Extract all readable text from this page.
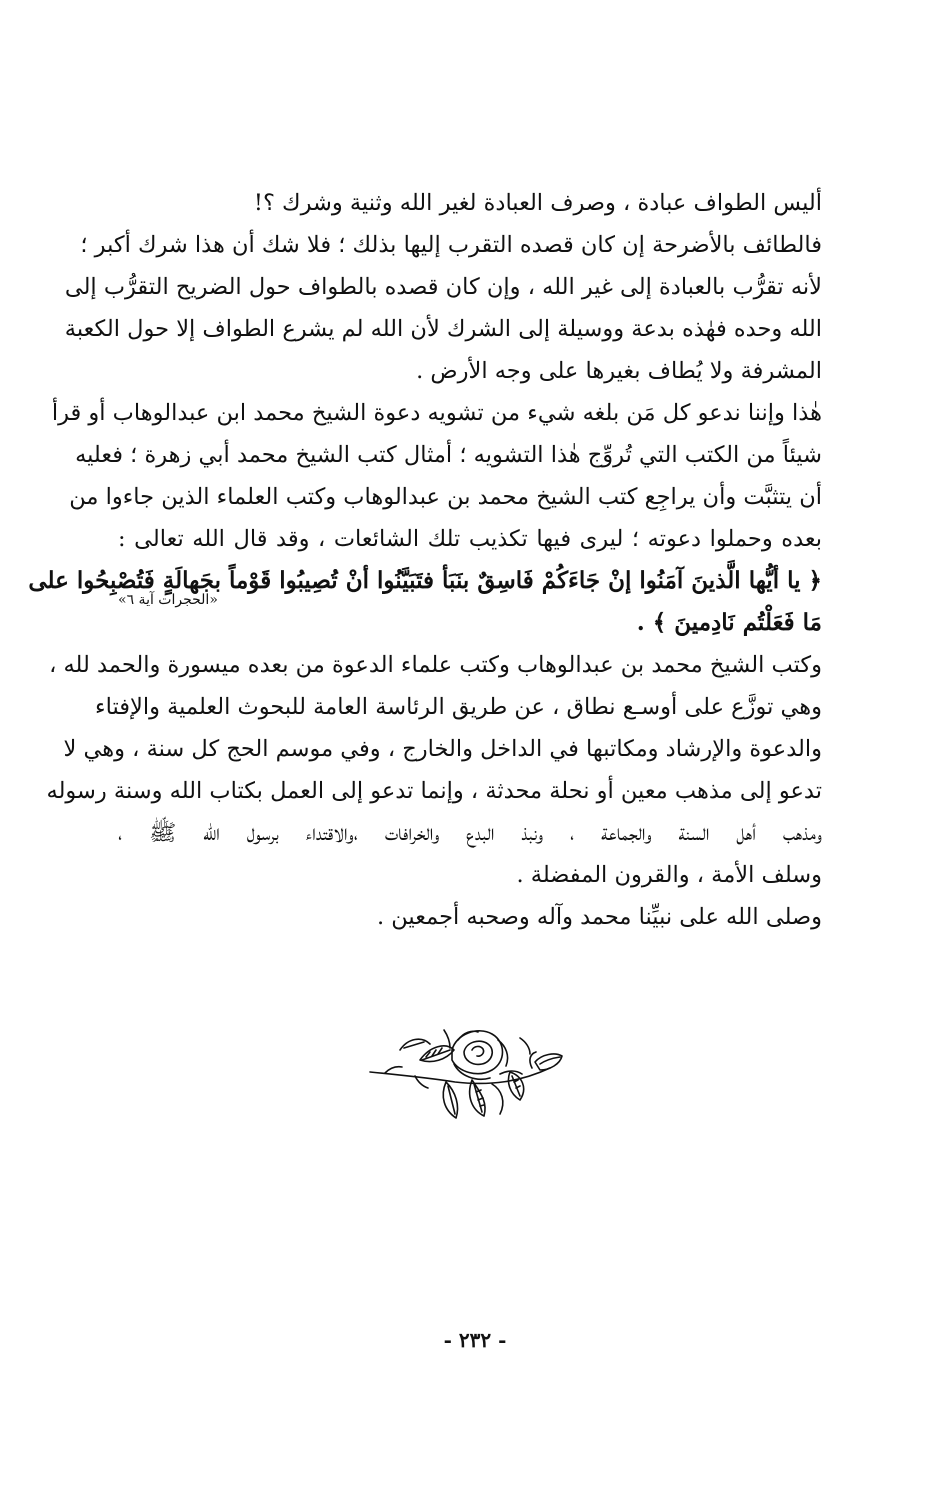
أليس الطواف عبادة ، وصرف العبادة لغير الله وثنية وشرك ؟!
فالطائف بالأضرحة إن كان قصده التقرب إليها بذلك ؛ فلا شك أن هذا شرك أكبر ؛
لأنه تقرُّب بالعبادة إلى غير الله ، وإن كان قصده بالطواف حول الضريح التقرُّب إلى
الله وحده فهٰذه بدعة ووسيلة إلى الشرك لأن الله لم يشرع الطواف إلا حول الكعبة
المشرفة ولا يُطاف بغيرها على وجه الأرض .
هٰذا وإننا ندعو كل مَن بلغه شيء من تشويه دعوة الشيخ محمد ابن عبدالوهاب أو قرأ
شيئاً من الكتب التي تُروِّج هٰذا التشويه ؛ أمثال كتب الشيخ محمد أبي زهرة ؛ فعليه
أن يتثبَّت وأن يراجِع كتب الشيخ محمد بن عبدالوهاب وكتب العلماء الذين جاءوا من
بعده وحملوا دعوته ؛ ليرى فيها تكذيب تلك الشائعات ، وقد قال الله تعالى :
﴿ يا أيُّها الَّذينَ آمَنُوا إنْ جَاءَكُمْ فَاسِقٌ بنَبَأ فتَبَيَّنُوا أنْ تُصِيبُوا قَوْماً بجَهالَةٍ فَتُصْبِحُوا على
مَا فَعَلْتُم نَادِمينَ ﴾ .
«الحجرات آية ٦»
وكتب الشيخ محمد بن عبدالوهاب وكتب علماء الدعوة من بعده ميسورة والحمد لله ،
وهي توزَّع على أوسـع نطاق ، عن طريق الرئاسة العامة للبحوث العلمية والإفتاء
والدعوة والإرشاد ومكاتبها في الداخل والخارج ، وفي موسم الحج كل سنة ، وهي لا
تدعو إلى مذهب معين أو نحلة محدثة ، وإنما تدعو إلى العمل بكتاب الله وسنة رسوله
ومذهب أهل السنة والجماعة ، ونبذ البدع والخرافات ،والاقتداء برسول الله ﷺ ،
وسلف الأمة ، والقرون المفضلة .
وصلى الله على نبيِّنا محمد وآله وصحبه أجمعين .
- ٢٣٢ -
